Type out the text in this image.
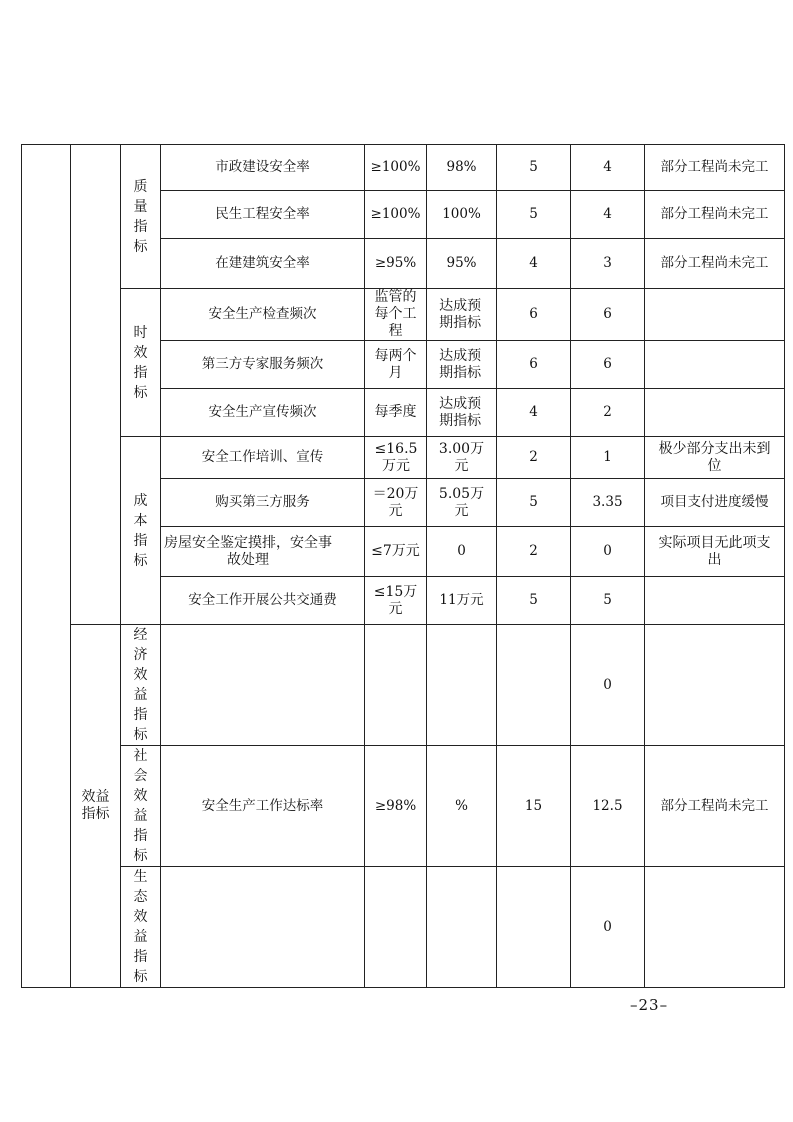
		质量指标	市政建设安全率	≥100%	98%	5	4	部分工程尚未完工
			民生工程安全率	≥100%	100%	5	4	部分工程尚未完工
			在建建筑安全率	≥95%	95%	4	3	部分工程尚未完工
		时效指标	安全生产检查频次	监管的每个工程	达成预期指标	6	6	
			第三方专家服务频次	每两个月	达成预期指标	6	6	
			安全生产宣传频次	每季度	达成预期指标	4	2	
		成本指标	安全工作培训、宣传	≤16.5万元	3.00万元	2	1	极少部分支出未到位

			购买第三方服务	＝20万元	5.05万元	5	3.35	项目支付进度缓慢

			房屋安全鉴定摸排，安全事故处理	≤7万元	0	2	0	实际项目无此项支出

			安全工作开展公共交通费	≤15万元	11万元	5	5	

	效益指标	经济效益指标					0	
		社会效益指标	安全生产工作达标率	≥98%	%	15	12.5	部分工程尚未完工
		生态效益指标					0	
–23–
